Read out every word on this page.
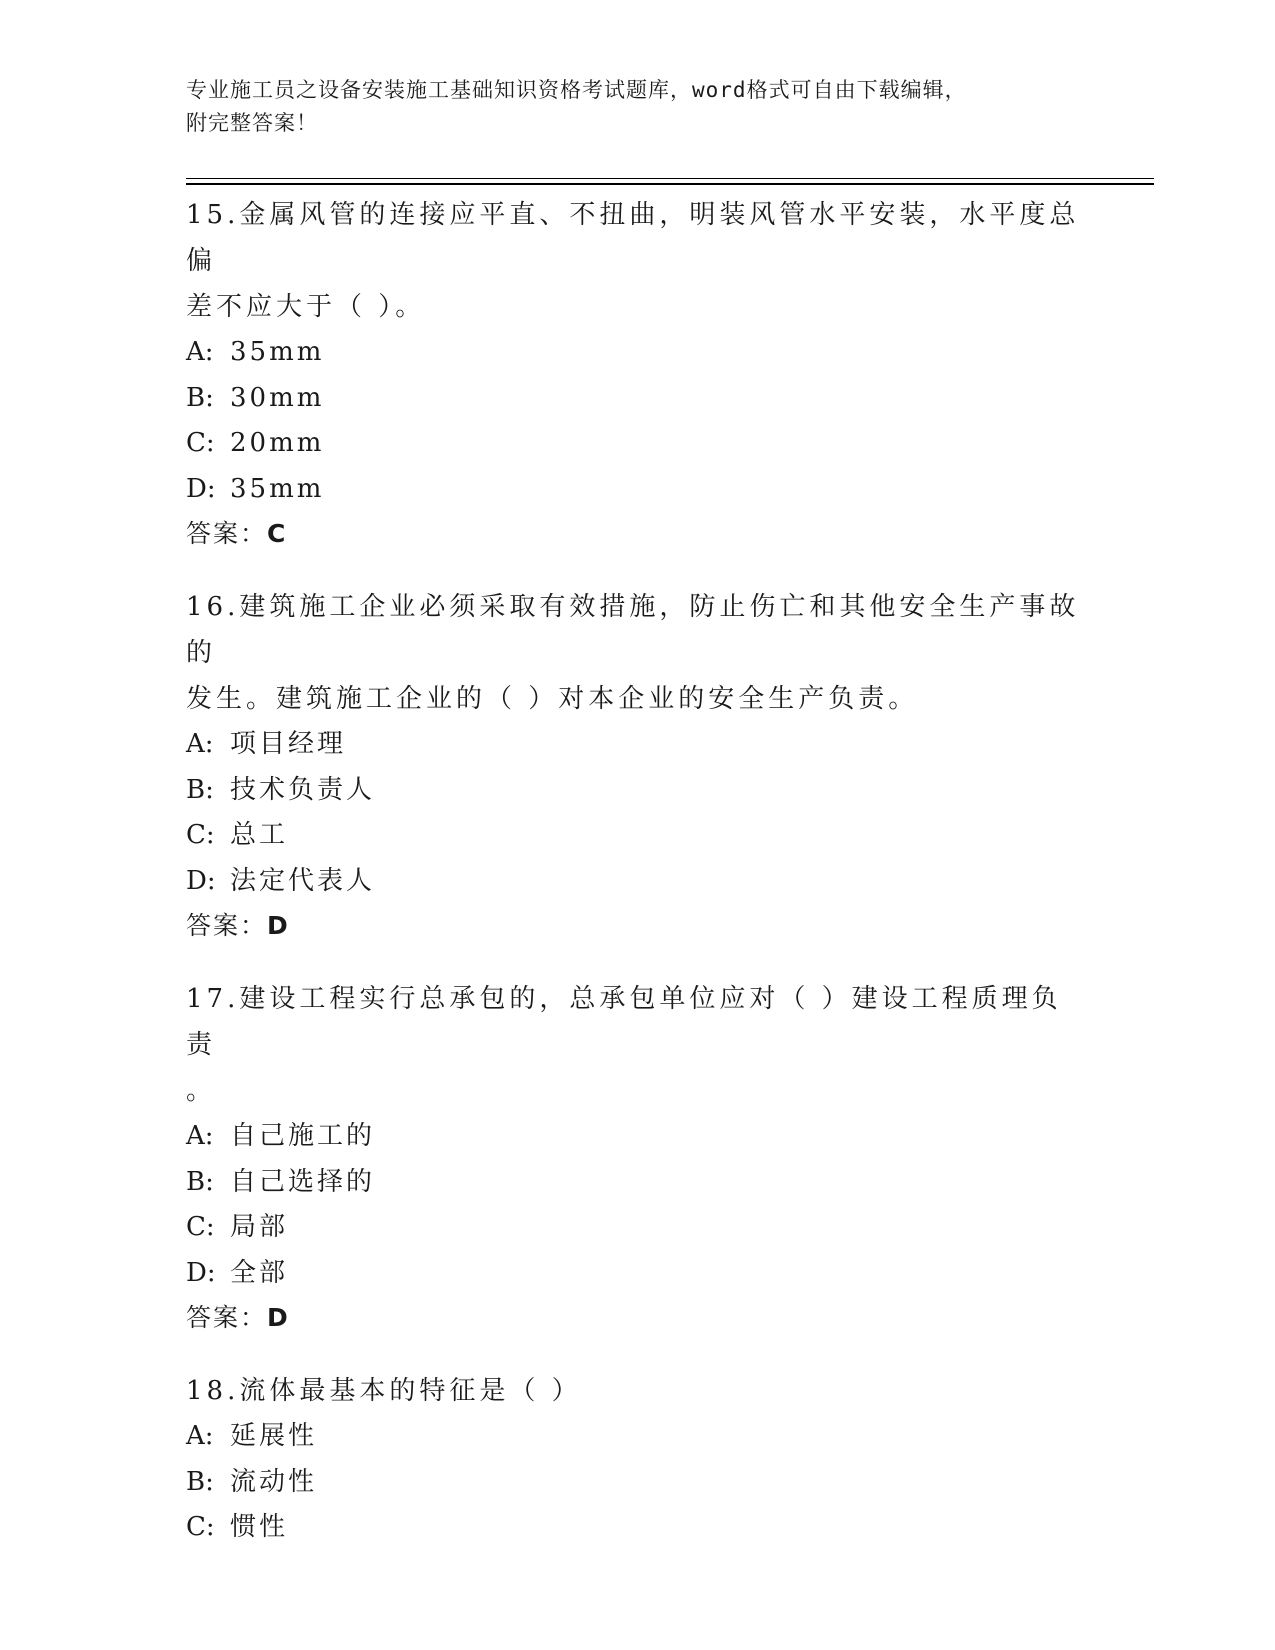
专业施工员之设备安装施工基础知识资格考试题库，word格式可自由下载编辑，
附完整答案！
15.金属风管的连接应平直、不扭曲，明装风管水平安装，水平度总偏
差不应大于（ ）。
A: 35mm
B: 30mm
C: 20mm
D: 35mm
答案：C
16.建筑施工企业必须采取有效措施，防止伤亡和其他安全生产事故的
发生。建筑施工企业的（ ）对本企业的安全生产负责。
A: 项目经理
B: 技术负责人
C: 总工
D: 法定代表人
答案：D
17.建设工程实行总承包的，总承包单位应对（ ）建设工程质理负责
。
A: 自己施工的
B: 自己选择的
C: 局部
D: 全部
答案：D
18.流体最基本的特征是（ ）
A: 延展性
B: 流动性
C: 惯性
